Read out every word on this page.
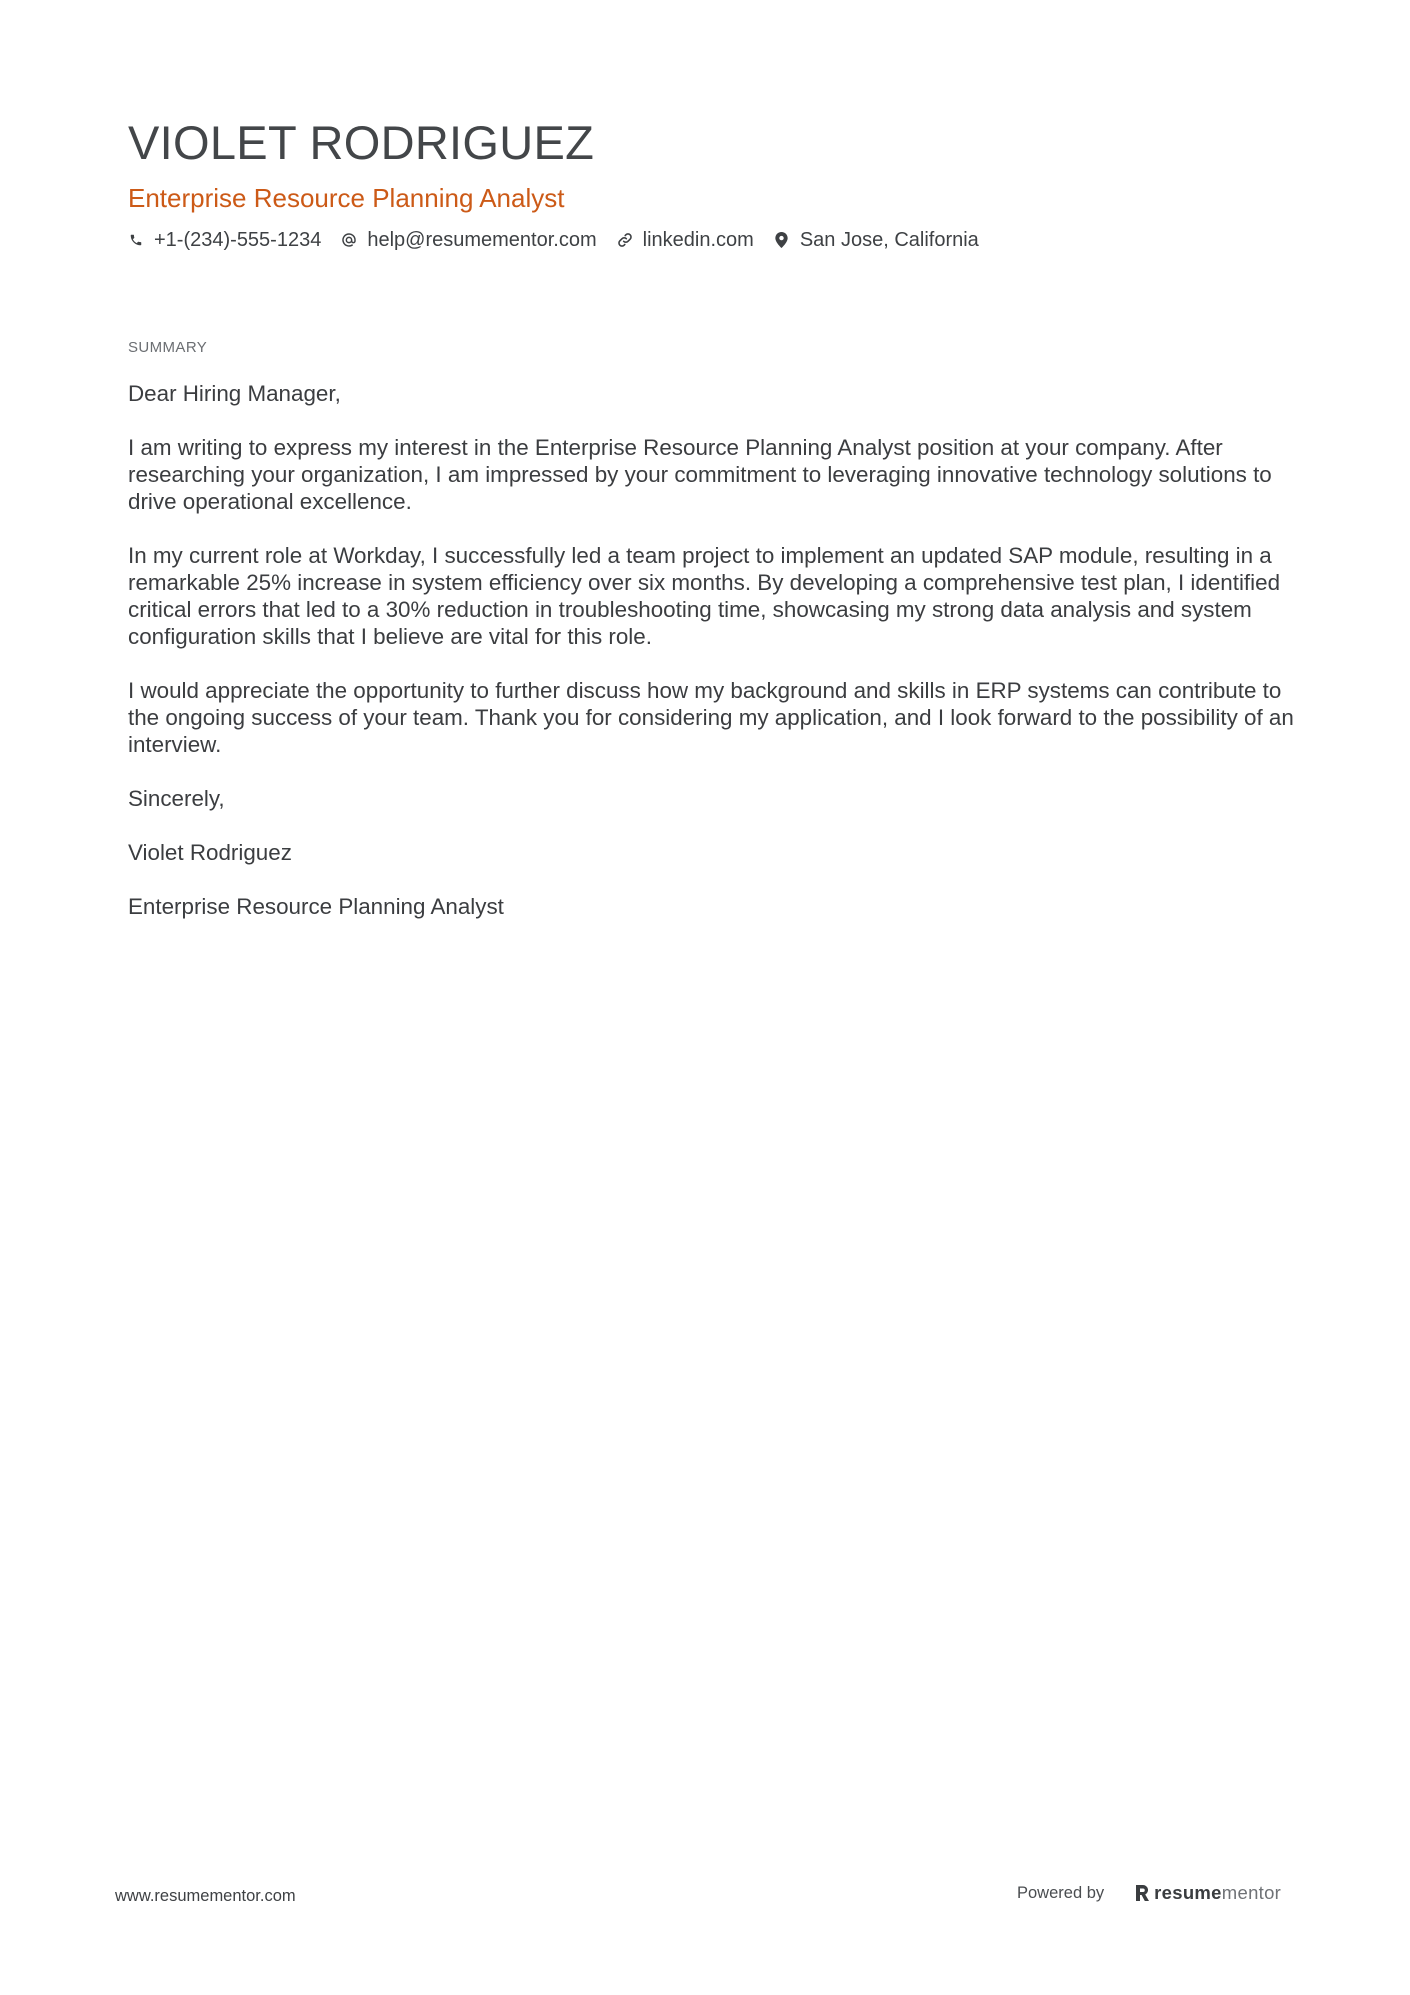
VIOLET RODRIGUEZ
Enterprise Resource Planning Analyst
+1-(234)-555-1234 help@resumementor.com linkedin.com San Jose, California
SUMMARY

Dear Hiring Manager,

I am writing to express my interest in the Enterprise Resource Planning Analyst position at your company. After researching your organization, I am impressed by your commitment to leveraging innovative technology solutions to drive operational excellence.

In my current role at Workday, I successfully led a team project to implement an updated SAP module, resulting in a remarkable 25% increase in system efficiency over six months. By developing a comprehensive test plan, I identified critical errors that led to a 30% reduction in troubleshooting time, showcasing my strong data analysis and system configuration skills that I believe are vital for this role.

I would appreciate the opportunity to further discuss how my background and skills in ERP systems can contribute to the ongoing success of your team. Thank you for considering my application, and I look forward to the possibility of an interview.

Sincerely,

Violet Rodriguez

Enterprise Resource Planning Analyst

www.resumementor.com	Powered by	resumementor
